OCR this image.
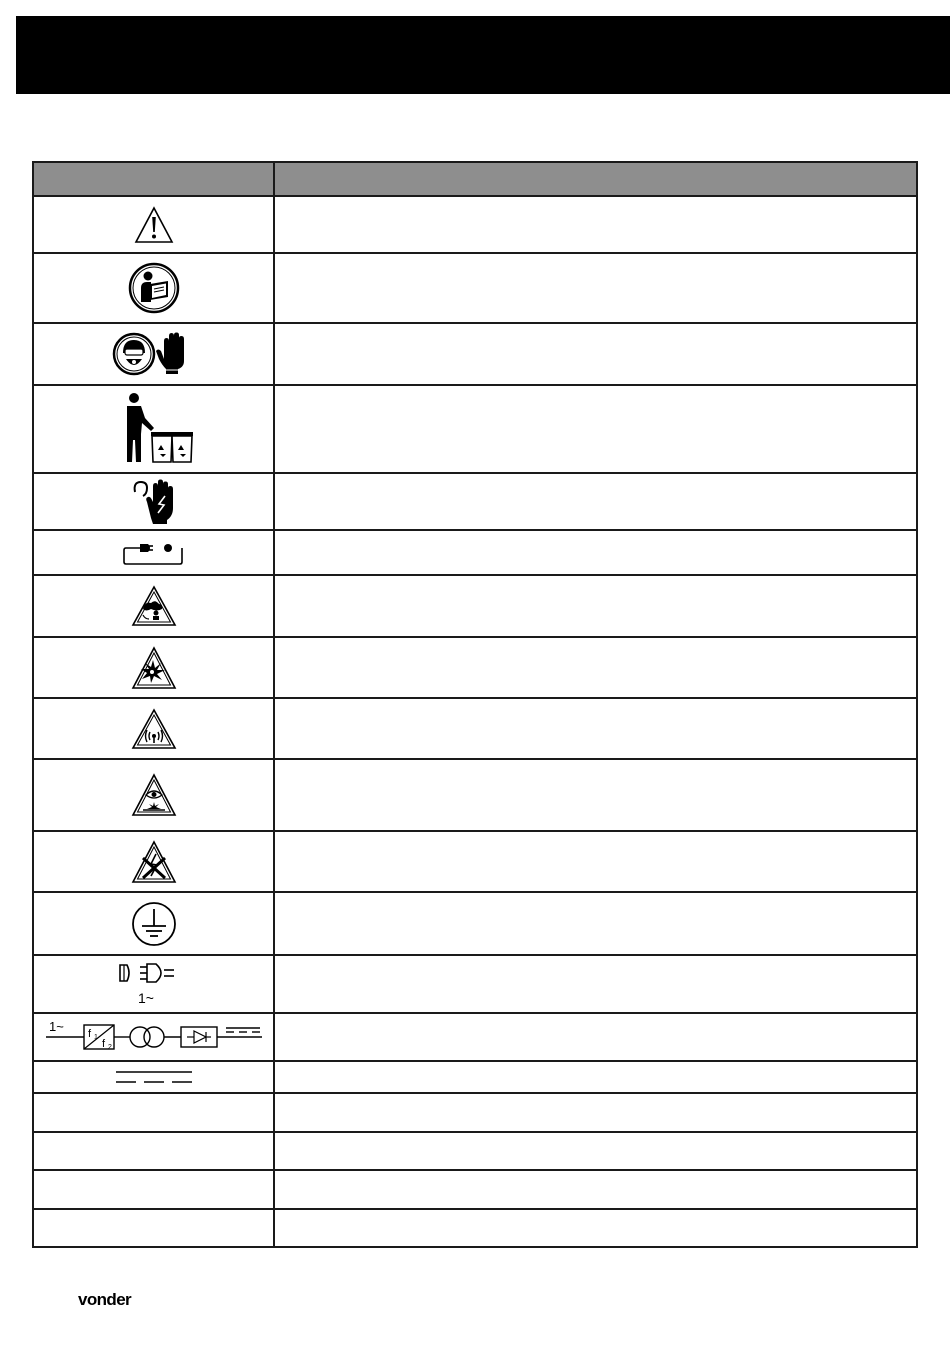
1~	

1~ f 1
f 2	

vonder
